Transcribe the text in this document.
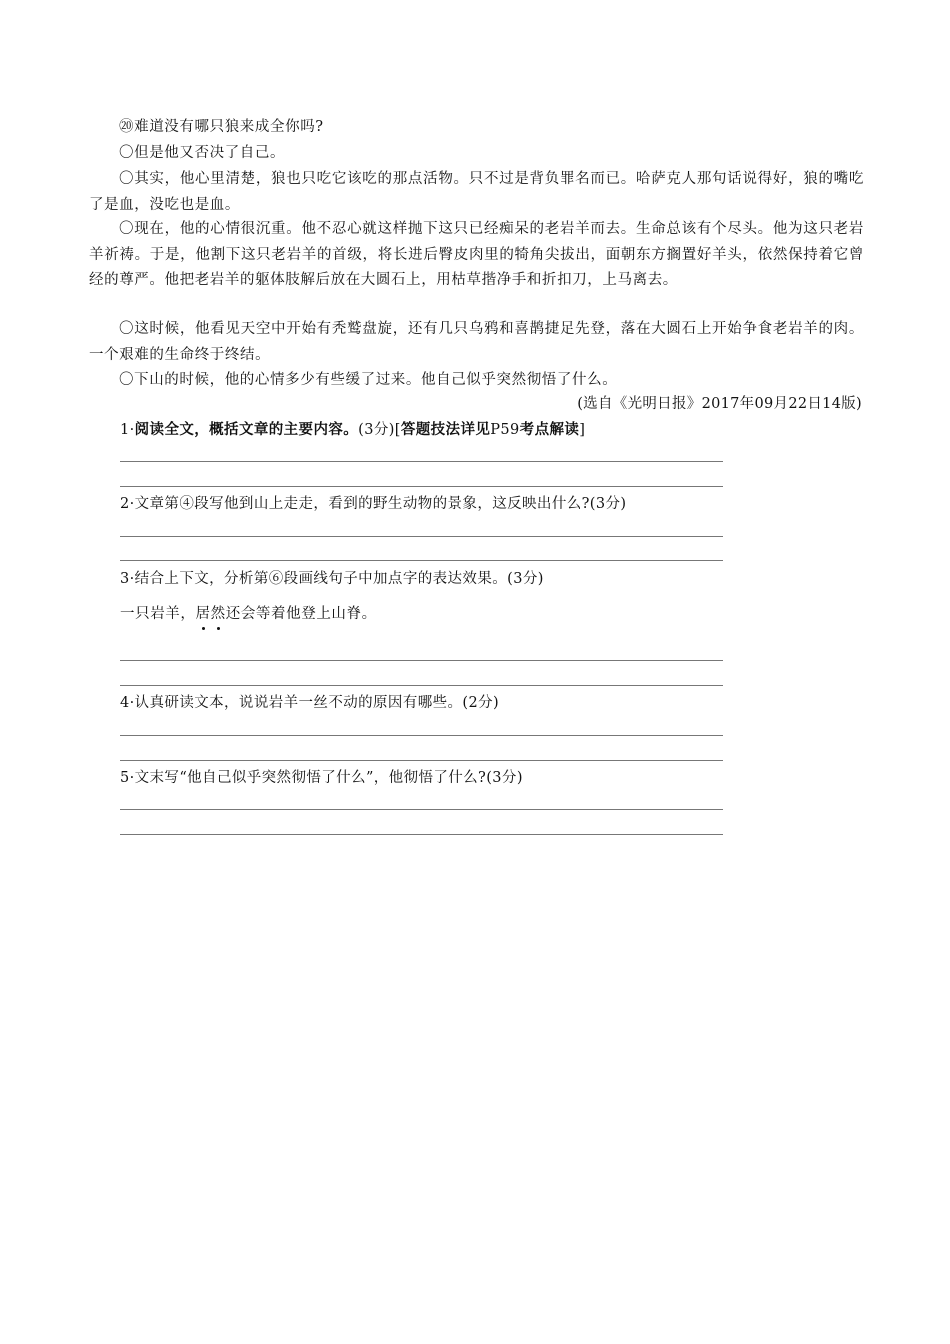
⑳难道没有哪只狼来成全你吗?

〇但是他又否决了自己。

〇其实，他心里清楚，狼也只吃它该吃的那点活物。只不过是背负罪名而已。哈萨克人那句话说得好，狼的嘴吃了是血，没吃也是血。

〇现在，他的心情很沉重。他不忍心就这样抛下这只已经痴呆的老岩羊而去。生命总该有个尽头。他为这只老岩羊祈祷。于是，他割下这只老岩羊的首级，将长进后臀皮肉里的犄角尖拔出，面朝东方搁置好羊头，依然保持着它曾经的尊严。他把老岩羊的躯体肢解后放在大圆石上，用枯草揩净手和折扣刀，上马离去。

〇这时候，他看见天空中开始有秃鹫盘旋，还有几只乌鸦和喜鹊捷足先登，落在大圆石上开始争食老岩羊的肉。一个艰难的生命终于终结。

〇下山的时候，他的心情多少有些缓了过来。他自己似乎突然彻悟了什么。

(选自《光明日报》2017年09月22日14版)

1·阅读全文，概括文章的主要内容。(3分)[答题技法详见P59考点解读]

2·文章第④段写他到山上走走，看到的野生动物的景象，这反映出什么?(3分)

3·结合上下文，分析第⑥段画线句子中加点字的表达效果。(3分)

一只岩羊，居然还会等着他登上山脊。

4·认真研读文本，说说岩羊一丝不动的原因有哪些。(2分)

5·文末写“他自己似乎突然彻悟了什么”，他彻悟了什么?(3分)
